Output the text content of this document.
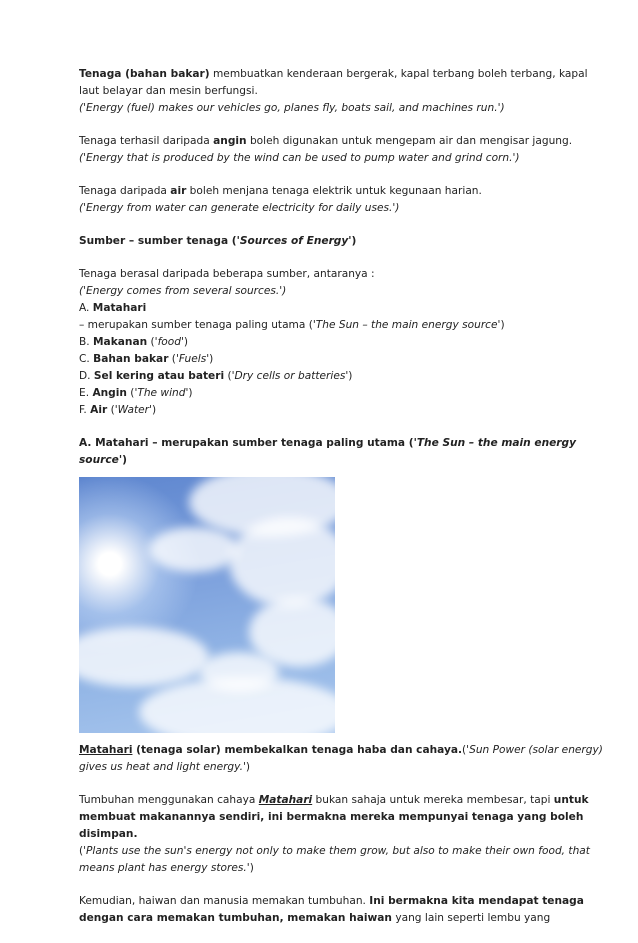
Tenaga (bahan bakar) membuatkan kenderaan bergerak, kapal terbang boleh terbang, kapal
laut belayar dan mesin berfungsi.
('Energy (fuel) makes our vehicles go, planes fly, boats sail, and machines run.')

Tenaga terhasil daripada angin boleh digunakan untuk mengepam air dan mengisar jagung.
('Energy that is produced by the wind can be used to pump water and grind corn.')

Tenaga daripada air boleh menjana tenaga elektrik untuk kegunaan harian.
('Energy from water can generate electricity for daily uses.')

Sumber – sumber tenaga ('Sources of Energy')

Tenaga berasal daripada beberapa sumber, antaranya :
('Energy comes from several sources.')
A. Matahari
– merupakan sumber tenaga paling utama ('The Sun – the main energy source')
B. Makanan ('food')
C. Bahan bakar ('Fuels')
D. Sel kering atau bateri ('Dry cells or batteries')
E. Angin ('The wind')
F. Air ('Water')

A. Matahari – merupakan sumber tenaga paling utama ('The Sun – the main energy
source')

Matahari (tenaga solar) membekalkan tenaga haba dan cahaya.('Sun Power (solar energy)
gives us heat and light energy.')

Tumbuhan menggunakan cahaya Matahari bukan sahaja untuk mereka membesar, tapi untuk
membuat makanannya sendiri, ini bermakna mereka mempunyai tenaga yang boleh
disimpan.
('Plants use the sun's energy not only to make them grow, but also to make their own food, that
means plant has energy stores.')

Kemudian, haiwan dan manusia memakan tumbuhan. Ini bermakna kita mendapat tenaga
dengan cara memakan tumbuhan, memakan haiwan yang lain seperti lembu yang
